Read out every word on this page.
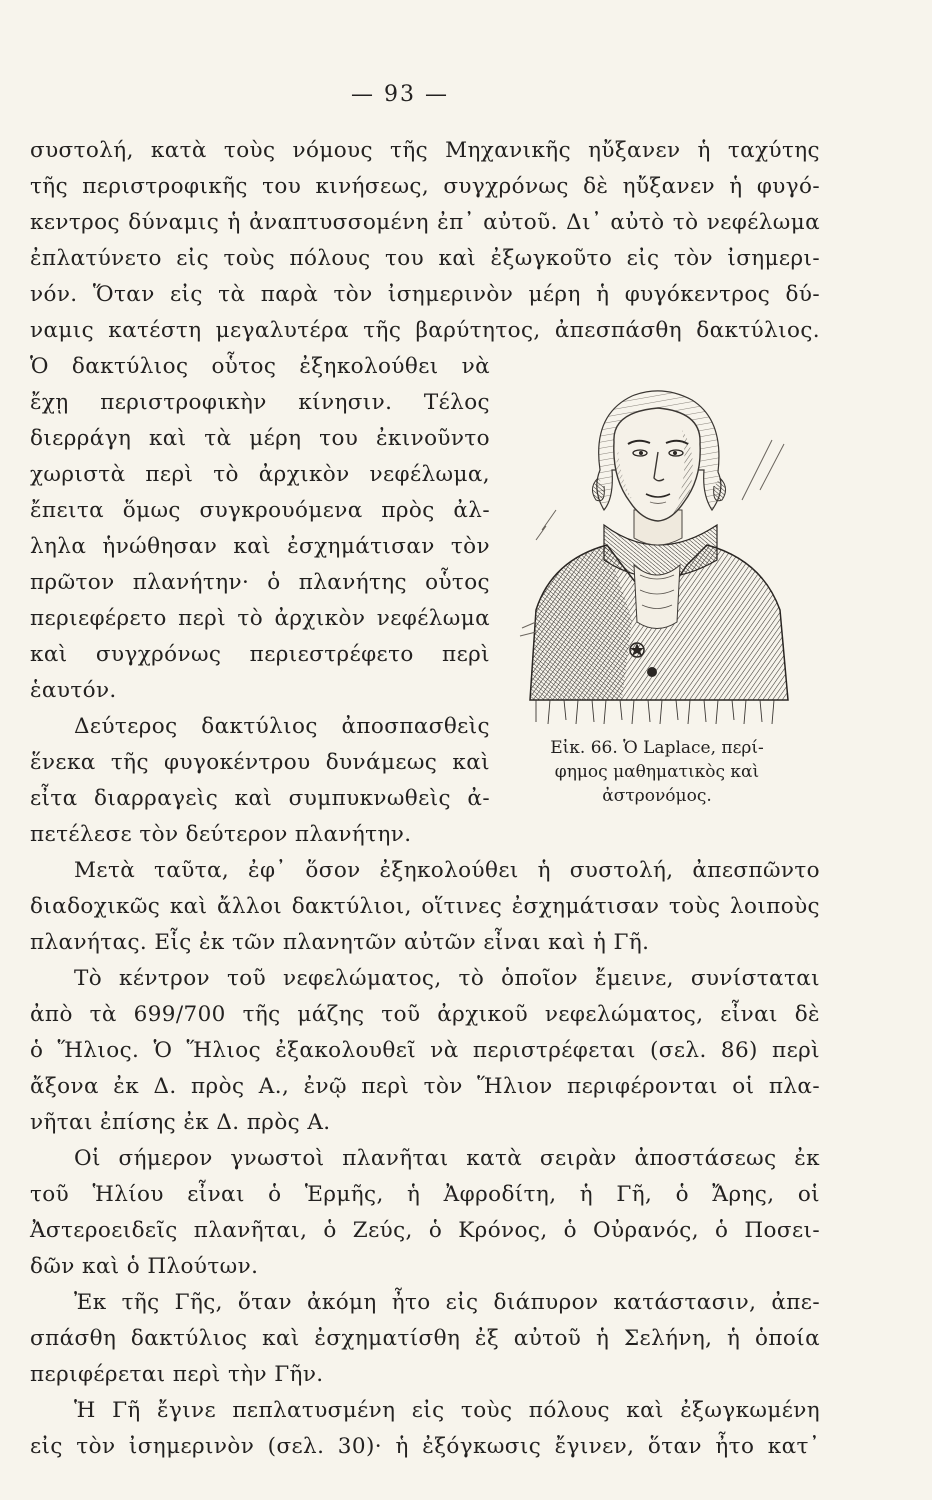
— 93 —
συστολή, κατὰ τοὺς νόμους τῆς Μηχανικῆς ηὔξανεν ἡ ταχύτης
τῆς περιστροφικῆς του κινήσεως, συγχρόνως δὲ ηὔξανεν ἡ φυγό-
κεντρος δύναμις ἡ ἀναπτυσσομένη ἐπ᾽ αὐτοῦ. Δι᾽ αὐτὸ τὸ νεφέλωμα
ἐπλατύνετο εἰς τοὺς πόλους του καὶ ἐξωγκοῦτο εἰς τὸν ἰσημερι-
νόν. Ὅταν εἰς τὰ παρὰ τὸν ἰσημερινὸν μέρη ἡ φυγόκεντρος δύ-
ναμις κατέστη μεγαλυτέρα τῆς βαρύτητος, ἀπεσπάσθη δακτύλιος.
Ὁ δακτύλιος οὗτος ἐξηκολούθει νὰ
ἔχῃ περιστροφικὴν κίνησιν. Τέλος
διερράγη καὶ τὰ μέρη του ἐκινοῦντο
χωριστὰ περὶ τὸ ἀρχικὸν νεφέλωμα,
ἔπειτα ὅμως συγκρουόμενα πρὸς ἀλ-
ληλα ἡνώθησαν καὶ ἐσχημάτισαν τὸν
πρῶτον πλανήτην· ὁ πλανήτης οὗτος
περιεφέρετο περὶ τὸ ἀρχικὸν νεφέλωμα
καὶ συγχρόνως περιεστρέφετο περὶ
ἑαυτόν.
Δεύτερος δακτύλιος ἀποσπασθεὶς
ἕνεκα τῆς φυγοκέντρου δυνάμεως καὶ
εἶτα διαρραγεὶς καὶ συμπυκνωθεὶς ἀ-
πετέλεσε τὸν δεύτερον πλανήτην.
Εἰκ. 66. Ὁ Laplace, περί-
φημος μαθηματικὸς καὶ
ἀστρονόμος.
Μετὰ ταῦτα, ἐφ᾽ ὅσον ἐξηκολούθει ἡ συστολή, ἀπεσπῶντο
διαδοχικῶς καὶ ἄλλοι δακτύλιοι, οἵτινες ἐσχημάτισαν τοὺς λοιποὺς
πλανήτας. Εἷς ἐκ τῶν πλανητῶν αὐτῶν εἶναι καὶ ἡ Γῆ.
Τὸ κέντρον τοῦ νεφελώματος, τὸ ὁποῖον ἔμεινε, συνίσταται
ἀπὸ τὰ 699/700 τῆς μάζης τοῦ ἀρχικοῦ νεφελώματος, εἶναι δὲ
ὁ Ἥλιος. Ὁ Ἥλιος ἐξακολουθεῖ νὰ περιστρέφεται (σελ. 86) περὶ
ἄξονα ἐκ Δ. πρὸς Α., ἐνῷ περὶ τὸν Ἥλιον περιφέρονται οἱ πλα-
νῆται ἐπίσης ἐκ Δ. πρὸς Α.
Οἱ σήμερον γνωστοὶ πλανῆται κατὰ σειρὰν ἀποστάσεως ἐκ
τοῦ Ἡλίου εἶναι ὁ Ἑρμῆς, ἡ Ἀφροδίτη, ἡ Γῆ, ὁ Ἄρης, οἱ
Ἀστεροειδεῖς πλανῆται, ὁ Ζεύς, ὁ Κρόνος, ὁ Οὐρανός, ὁ Ποσει-
δῶν καὶ ὁ Πλούτων.
Ἐκ τῆς Γῆς, ὅταν ἀκόμη ἦτο εἰς διάπυρον κατάστασιν, ἀπε-
σπάσθη δακτύλιος καὶ ἐσχηματίσθη ἐξ αὐτοῦ ἡ Σελήνη, ἡ ὁποία
περιφέρεται περὶ τὴν Γῆν.
Ἡ Γῆ ἔγινε πεπλατυσμένη εἰς τοὺς πόλους καὶ ἐξωγκωμένη
εἰς τὸν ἰσημερινὸν (σελ. 30)· ἡ ἐξόγκωσις ἔγινεν, ὅταν ἦτο κατ᾽
